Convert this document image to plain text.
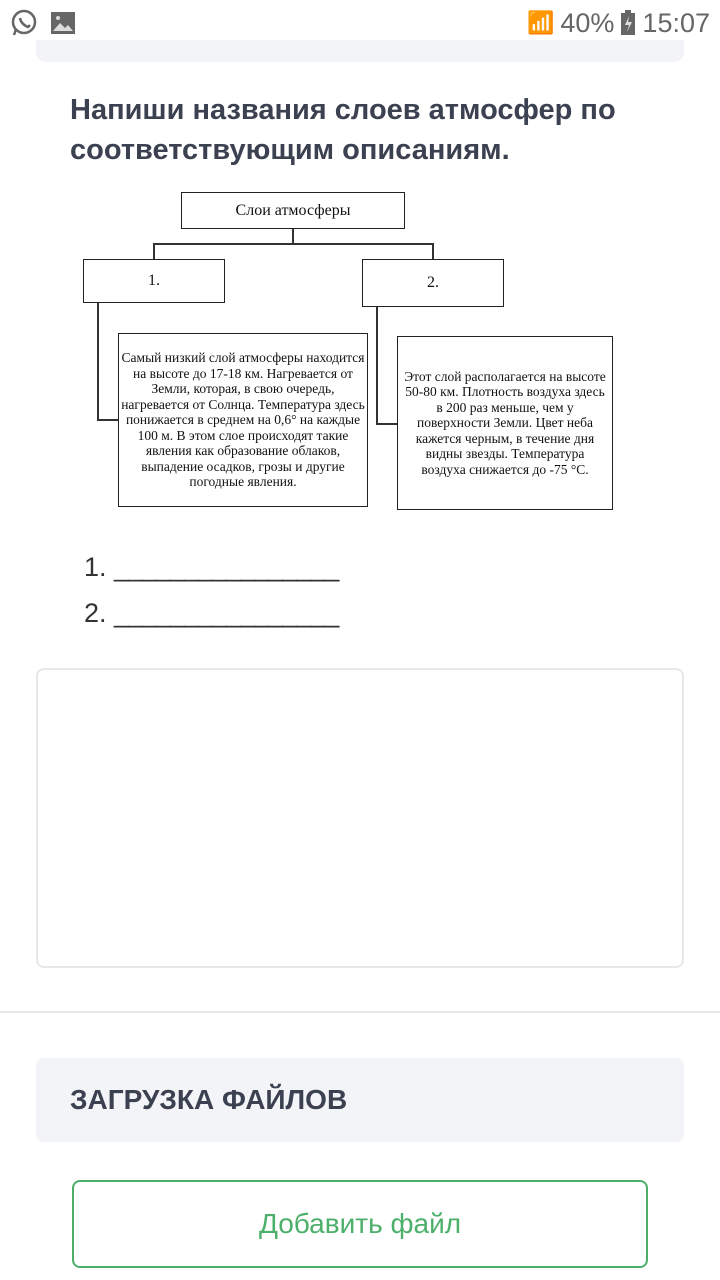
📶 40% 15:07
Напиши названия слоев атмосфер по соответствующим описаниям.
Слои атмосферы
1.	2.
Самый низкий слой атмосферы находится на высоте до 17-18 км. Нагревается от Земли, которая, в свою очередь, нагревается от Солнца. Температура здесь понижается в среднем на 0,6° на каждые 100 м. В этом слое происходят такие явления как образование облаков, выпадение осадков, грозы и другие погодные явления.
Этот слой располагается на высоте 50-80 км. Плотность воздуха здесь в 200 раз меньше, чем у поверхности Земли. Цвет неба кажется черным, в течение дня видны звезды. Температура воздуха снижается до -75 °С.
1. ________________
2. ________________
ЗАГРУЗКА ФАЙЛОВ
Добавить файл
